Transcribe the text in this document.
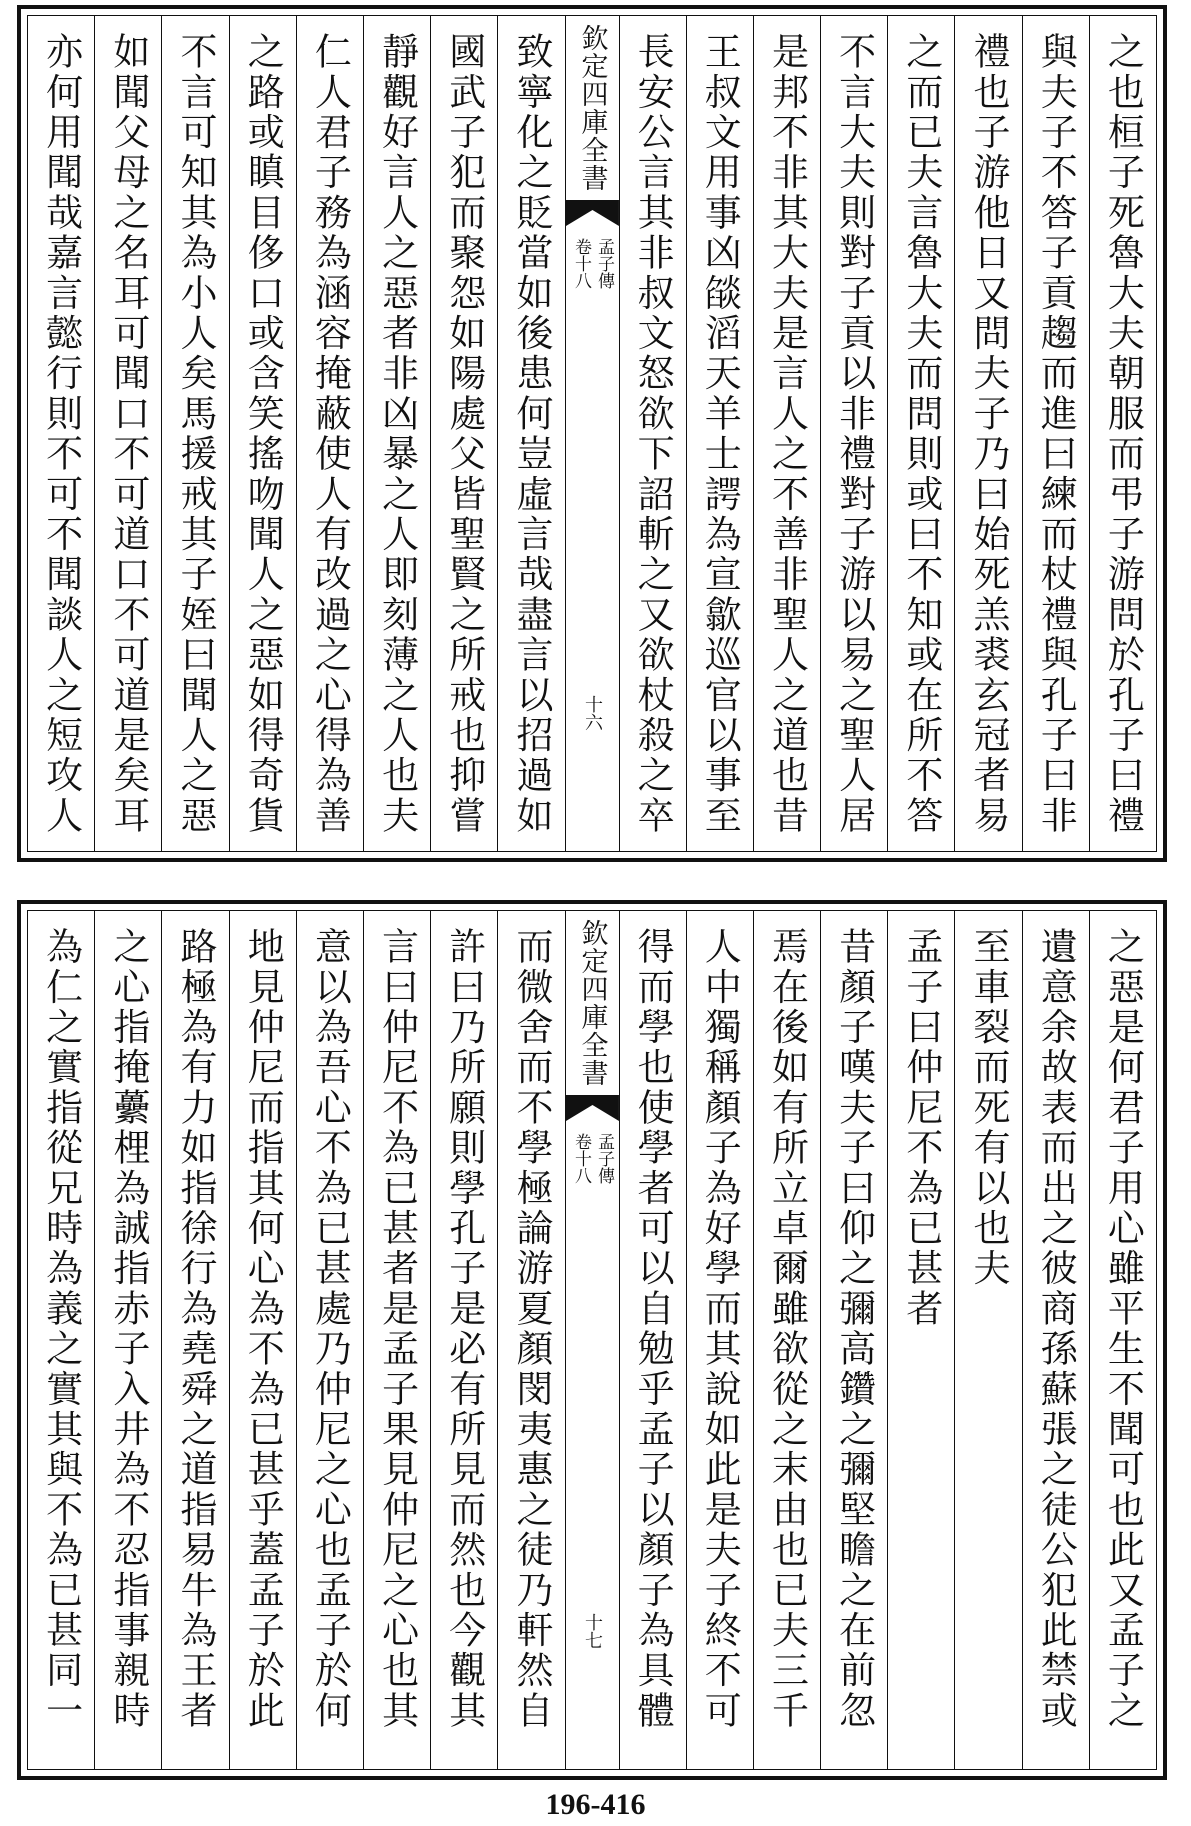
之也桓子死魯大夫朝服而弔子游問於孔子曰禮
與夫子不答子貢趨而進曰練而杖禮與孔子曰非
禮也子游他日又問夫子乃曰始死羔裘玄冠者易
之而已夫言魯大夫而問則或曰不知或在所不答
不言大夫則對子貢以非禮對子游以易之聖人居
是邦不非其大夫是言人之不善非聖人之道也昔
王叔文用事凶燄滔天羊士諤為宣歙巡官以事至
長安公言其非叔文怒欲下詔斬之又欲杖殺之卒
欽定四庫全書
孟子傳
卷十八
十六
致寧化之貶當如後患何豈虛言哉盡言以招過如
國武子犯而聚怨如陽處父皆聖賢之所戒也抑嘗
靜觀好言人之惡者非凶暴之人即刻薄之人也夫
仁人君子務為涵容掩蔽使人有改過之心得為善
之路或瞋目侈口或含笑搖吻聞人之惡如得奇貨
不言可知其為小人矣馬援戒其子姪曰聞人之惡
如聞父母之名耳可聞口不可道口不可道是矣耳
亦何用聞哉嘉言懿行則不可不聞談人之短攻人
之惡是何君子用心雖平生不聞可也此又孟子之
遺意余故表而出之彼商孫蘇張之徒公犯此禁或
至車裂而死有以也夫
孟子曰仲尼不為已甚者
昔顏子嘆夫子曰仰之彌高鑽之彌堅瞻之在前忽
焉在後如有所立卓爾雖欲從之末由也已夫三千
人中獨稱顏子為好學而其說如此是夫子終不可
得而學也使學者可以自勉乎孟子以顏子為具體
欽定四庫全書
孟子傳
卷十八
十七
而微舍而不學極論游夏顏閔夷惠之徒乃軒然自
許曰乃所願則學孔子是必有所見而然也今觀其
言曰仲尼不為已甚者是孟子果見仲尼之心也其
意以為吾心不為已甚處乃仲尼之心也孟子於何
地見仲尼而指其何心為不為已甚乎蓋孟子於此
路極為有力如指徐行為堯舜之道指易牛為王者
之心指掩虆梩為誠指赤子入井為不忍指事親時
為仁之實指從兄時為義之實其與不為已甚同一
196-416
